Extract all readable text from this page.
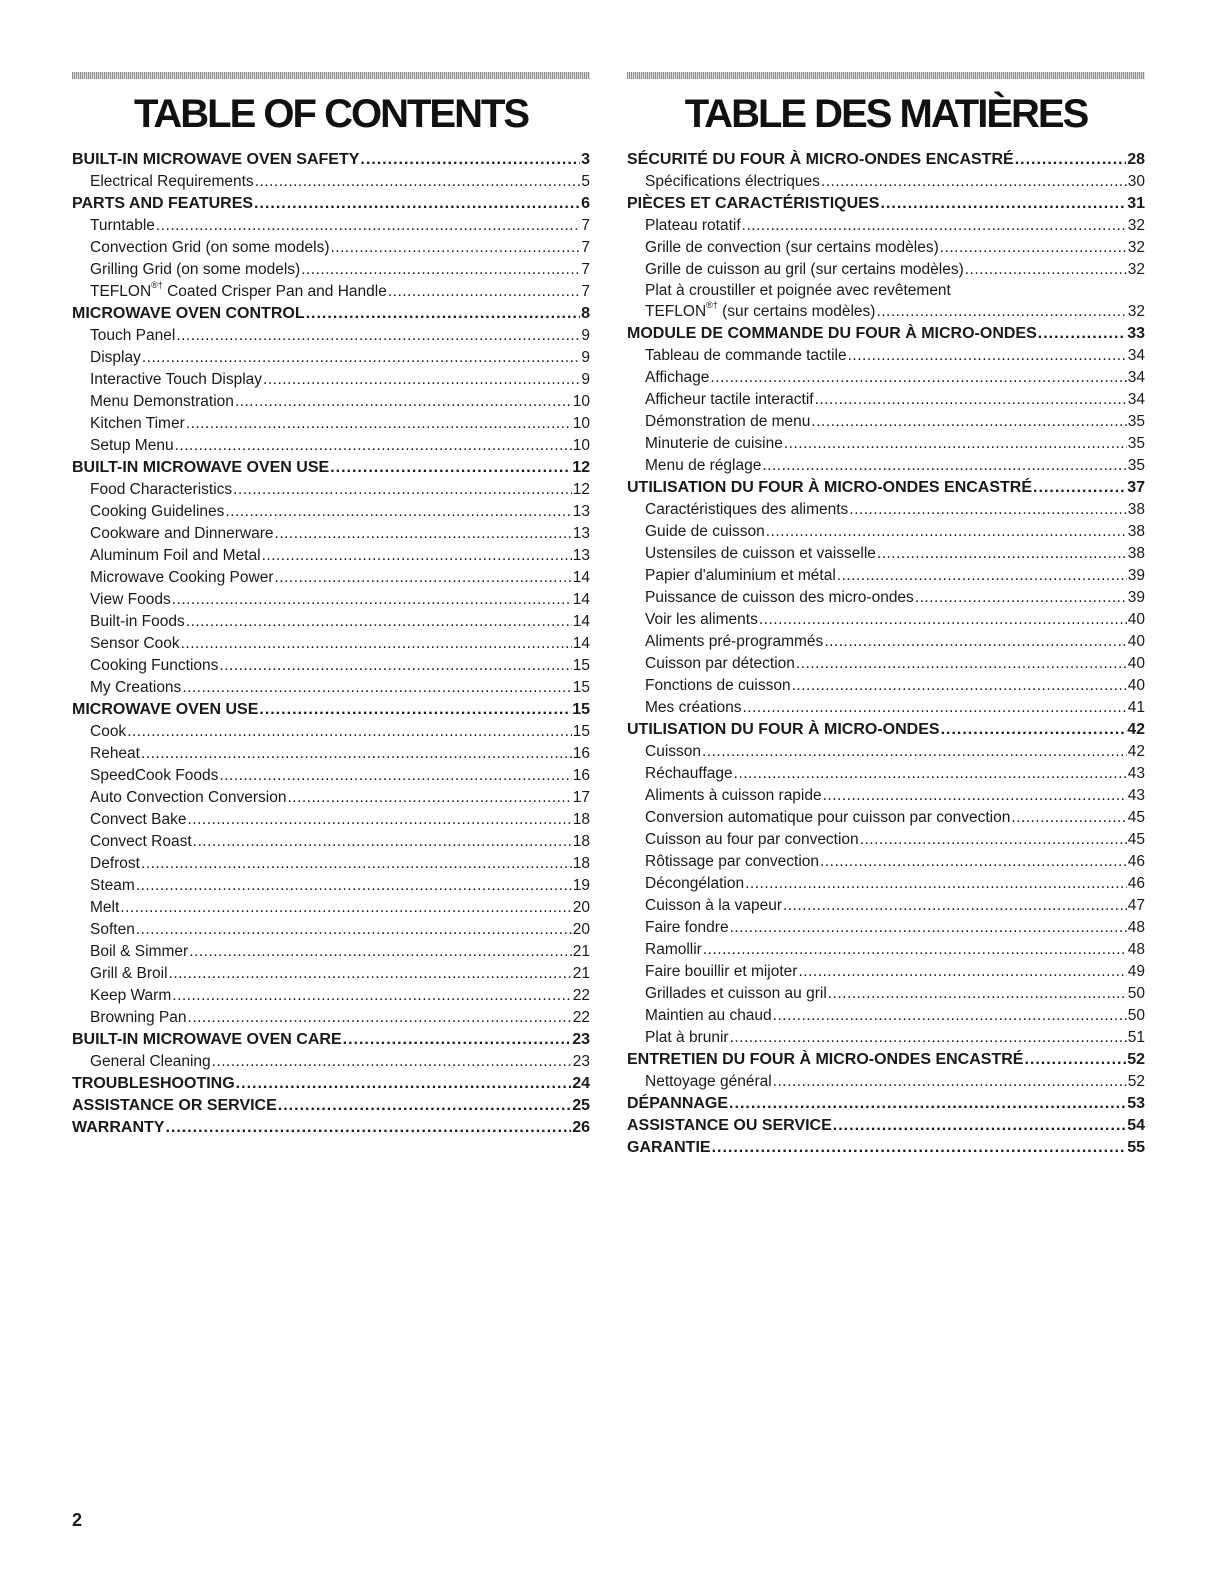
TABLE OF CONTENTS
BUILT-IN MICROWAVE OVEN SAFETY .....	3
Electrical Requirements .....	5
PARTS AND FEATURES .....	6
Turntable .....	7
Convection Grid (on some models) .....	7
Grilling Grid (on some models) .....	7
TEFLON®† Coated Crisper Pan and Handle .....	7
MICROWAVE OVEN CONTROL .....	8
Touch Panel .....	9
Display .....	9
Interactive Touch Display .....	9
Menu Demonstration .....	10
Kitchen Timer .....	10
Setup Menu .....	10
BUILT-IN MICROWAVE OVEN USE .....	12
Food Characteristics .....	12
Cooking Guidelines .....	13
Cookware and Dinnerware .....	13
Aluminum Foil and Metal .....	13
Microwave Cooking Power .....	14
View Foods .....	14
Built-in Foods .....	14
Sensor Cook .....	14
Cooking Functions .....	15
My Creations .....	15
MICROWAVE OVEN USE .....	15
Cook .....	15
Reheat .....	16
SpeedCook Foods .....	16
Auto Convection Conversion .....	17
Convect Bake .....	18
Convect Roast .....	18
Defrost .....	18
Steam .....	19
Melt .....	20
Soften .....	20
Boil & Simmer .....	21
Grill & Broil .....	21
Keep Warm .....	22
Browning Pan .....	22
BUILT-IN MICROWAVE OVEN CARE .....	23
General Cleaning .....	23
TROUBLESHOOTING .....	24
ASSISTANCE OR SERVICE .....	25
WARRANTY .....	26
TABLE DES MATIÈRES
SÉCURITÉ DU FOUR À MICRO-ONDES ENCASTRÉ .....	28
Spécifications électriques .....	30
PIÈCES ET CARACTÉRISTIQUES .....	31
Plateau rotatif .....	32
Grille de convection (sur certains modèles) .....	32
Grille de cuisson au gril (sur certains modèles) .....	32
Plat à croustiller et poignée avec revêtement
TEFLON®† (sur certains modèles) .....	32
MODULE DE COMMANDE DU FOUR À MICRO-ONDES .....	33
Tableau de commande tactile .....	34
Affichage .....	34
Afficheur tactile interactif .....	34
Démonstration de menu .....	35
Minuterie de cuisine .....	35
Menu de réglage .....	35
UTILISATION DU FOUR À MICRO-ONDES ENCASTRÉ .....	37
Caractéristiques des aliments .....	38
Guide de cuisson .....	38
Ustensiles de cuisson et vaisselle .....	38
Papier d'aluminium et métal .....	39
Puissance de cuisson des micro-ondes .....	39
Voir les aliments .....	40
Aliments pré-programmés .....	40
Cuisson par détection .....	40
Fonctions de cuisson .....	40
Mes créations .....	41
UTILISATION DU FOUR À MICRO-ONDES .....	42
Cuisson .....	42
Réchauffage .....	43
Aliments à cuisson rapide .....	43
Conversion automatique pour cuisson par convection .....	45
Cuisson au four par convection .....	45
Rôtissage par convection .....	46
Décongélation .....	46
Cuisson à la vapeur .....	47
Faire fondre .....	48
Ramollir .....	48
Faire bouillir et mijoter .....	49
Grillades et cuisson au gril .....	50
Maintien au chaud .....	50
Plat à brunir .....	51
ENTRETIEN DU FOUR À MICRO-ONDES ENCASTRÉ .....	52
Nettoyage général .....	52
DÉPANNAGE .....	53
ASSISTANCE OU SERVICE .....	54
GARANTIE .....	55
2
